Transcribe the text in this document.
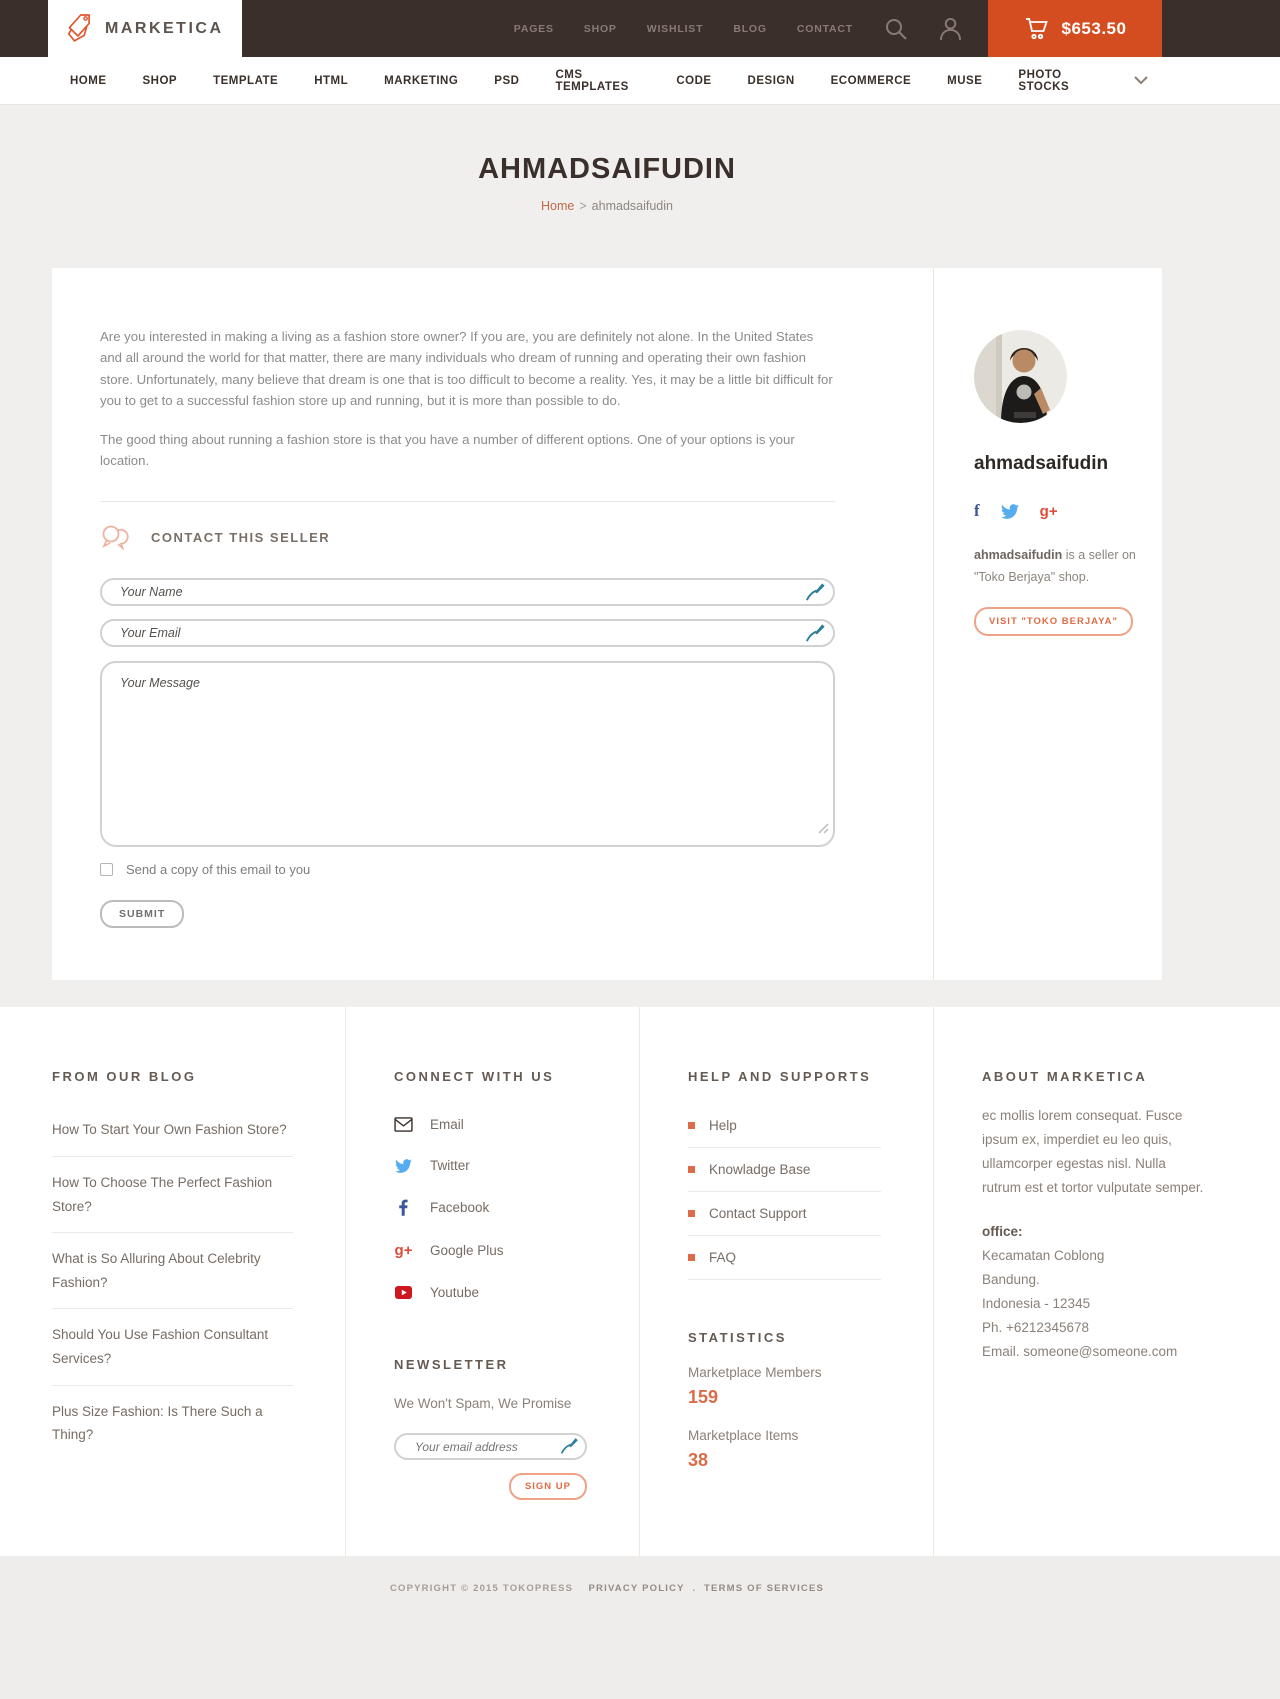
MARKETICA	PAGES	SHOP	WISHLIST	BLOG	CONTACT	$653.50
HOME	SHOP	TEMPLATE	HTML	MARKETING	PSD	CMS TEMPLATES	CODE	DESIGN	ECOMMERCE	MUSE	PHOTO STOCKS
AHMADSAIFUDIN
Home > ahmadsaifudin

Are you interested in making a living as a fashion store owner? If you are, you are definitely not alone. In the United States and all around the world for that matter, there are many individuals who dream of running and operating their own fashion store. Unfortunately, many believe that dream is one that is too difficult to become a reality. Yes, it may be a little bit difficult for you to get to a successful fashion store up and running, but it is more than possible to do.

The good thing about running a fashion store is that you have a number of different options. One of your options is your location.

CONTACT THIS SELLER
Your Name
Your Email
Your Message
Send a copy of this email to you
SUBMIT
ahmadsaifudin
f	g+
ahmadsaifudin is a seller on "Toko Berjaya" shop.
VISIT "TOKO BERJAYA"
FROM OUR BLOG
How To Start Your Own Fashion Store?
How To Choose The Perfect Fashion Store?
What is So Alluring About Celebrity Fashion?
Should You Use Fashion Consultant Services?
Plus Size Fashion: Is There Such a Thing?
CONNECT WITH US
Email
Twitter
Facebook
g+ Google Plus
Youtube
NEWSLETTER
We Won't Spam, We Promise
Your email address
SIGN UP
HELP AND SUPPORTS
Help
Knowladge Base
Contact Support
FAQ
STATISTICS
Marketplace Members
159
Marketplace Items
38
ABOUT MARKETICA
ec mollis lorem consequat. Fusce ipsum ex, imperdiet eu leo quis, ullamcorper egestas nisl. Nulla rutrum est et tortor vulputate semper.
office:
Kecamatan Coblong
Bandung.
Indonesia - 12345
Ph. +6212345678
Email. someone@someone.com
COPYRIGHT © 2015 TOKOPRESS PRIVACY POLICY . TERMS OF SERVICES
